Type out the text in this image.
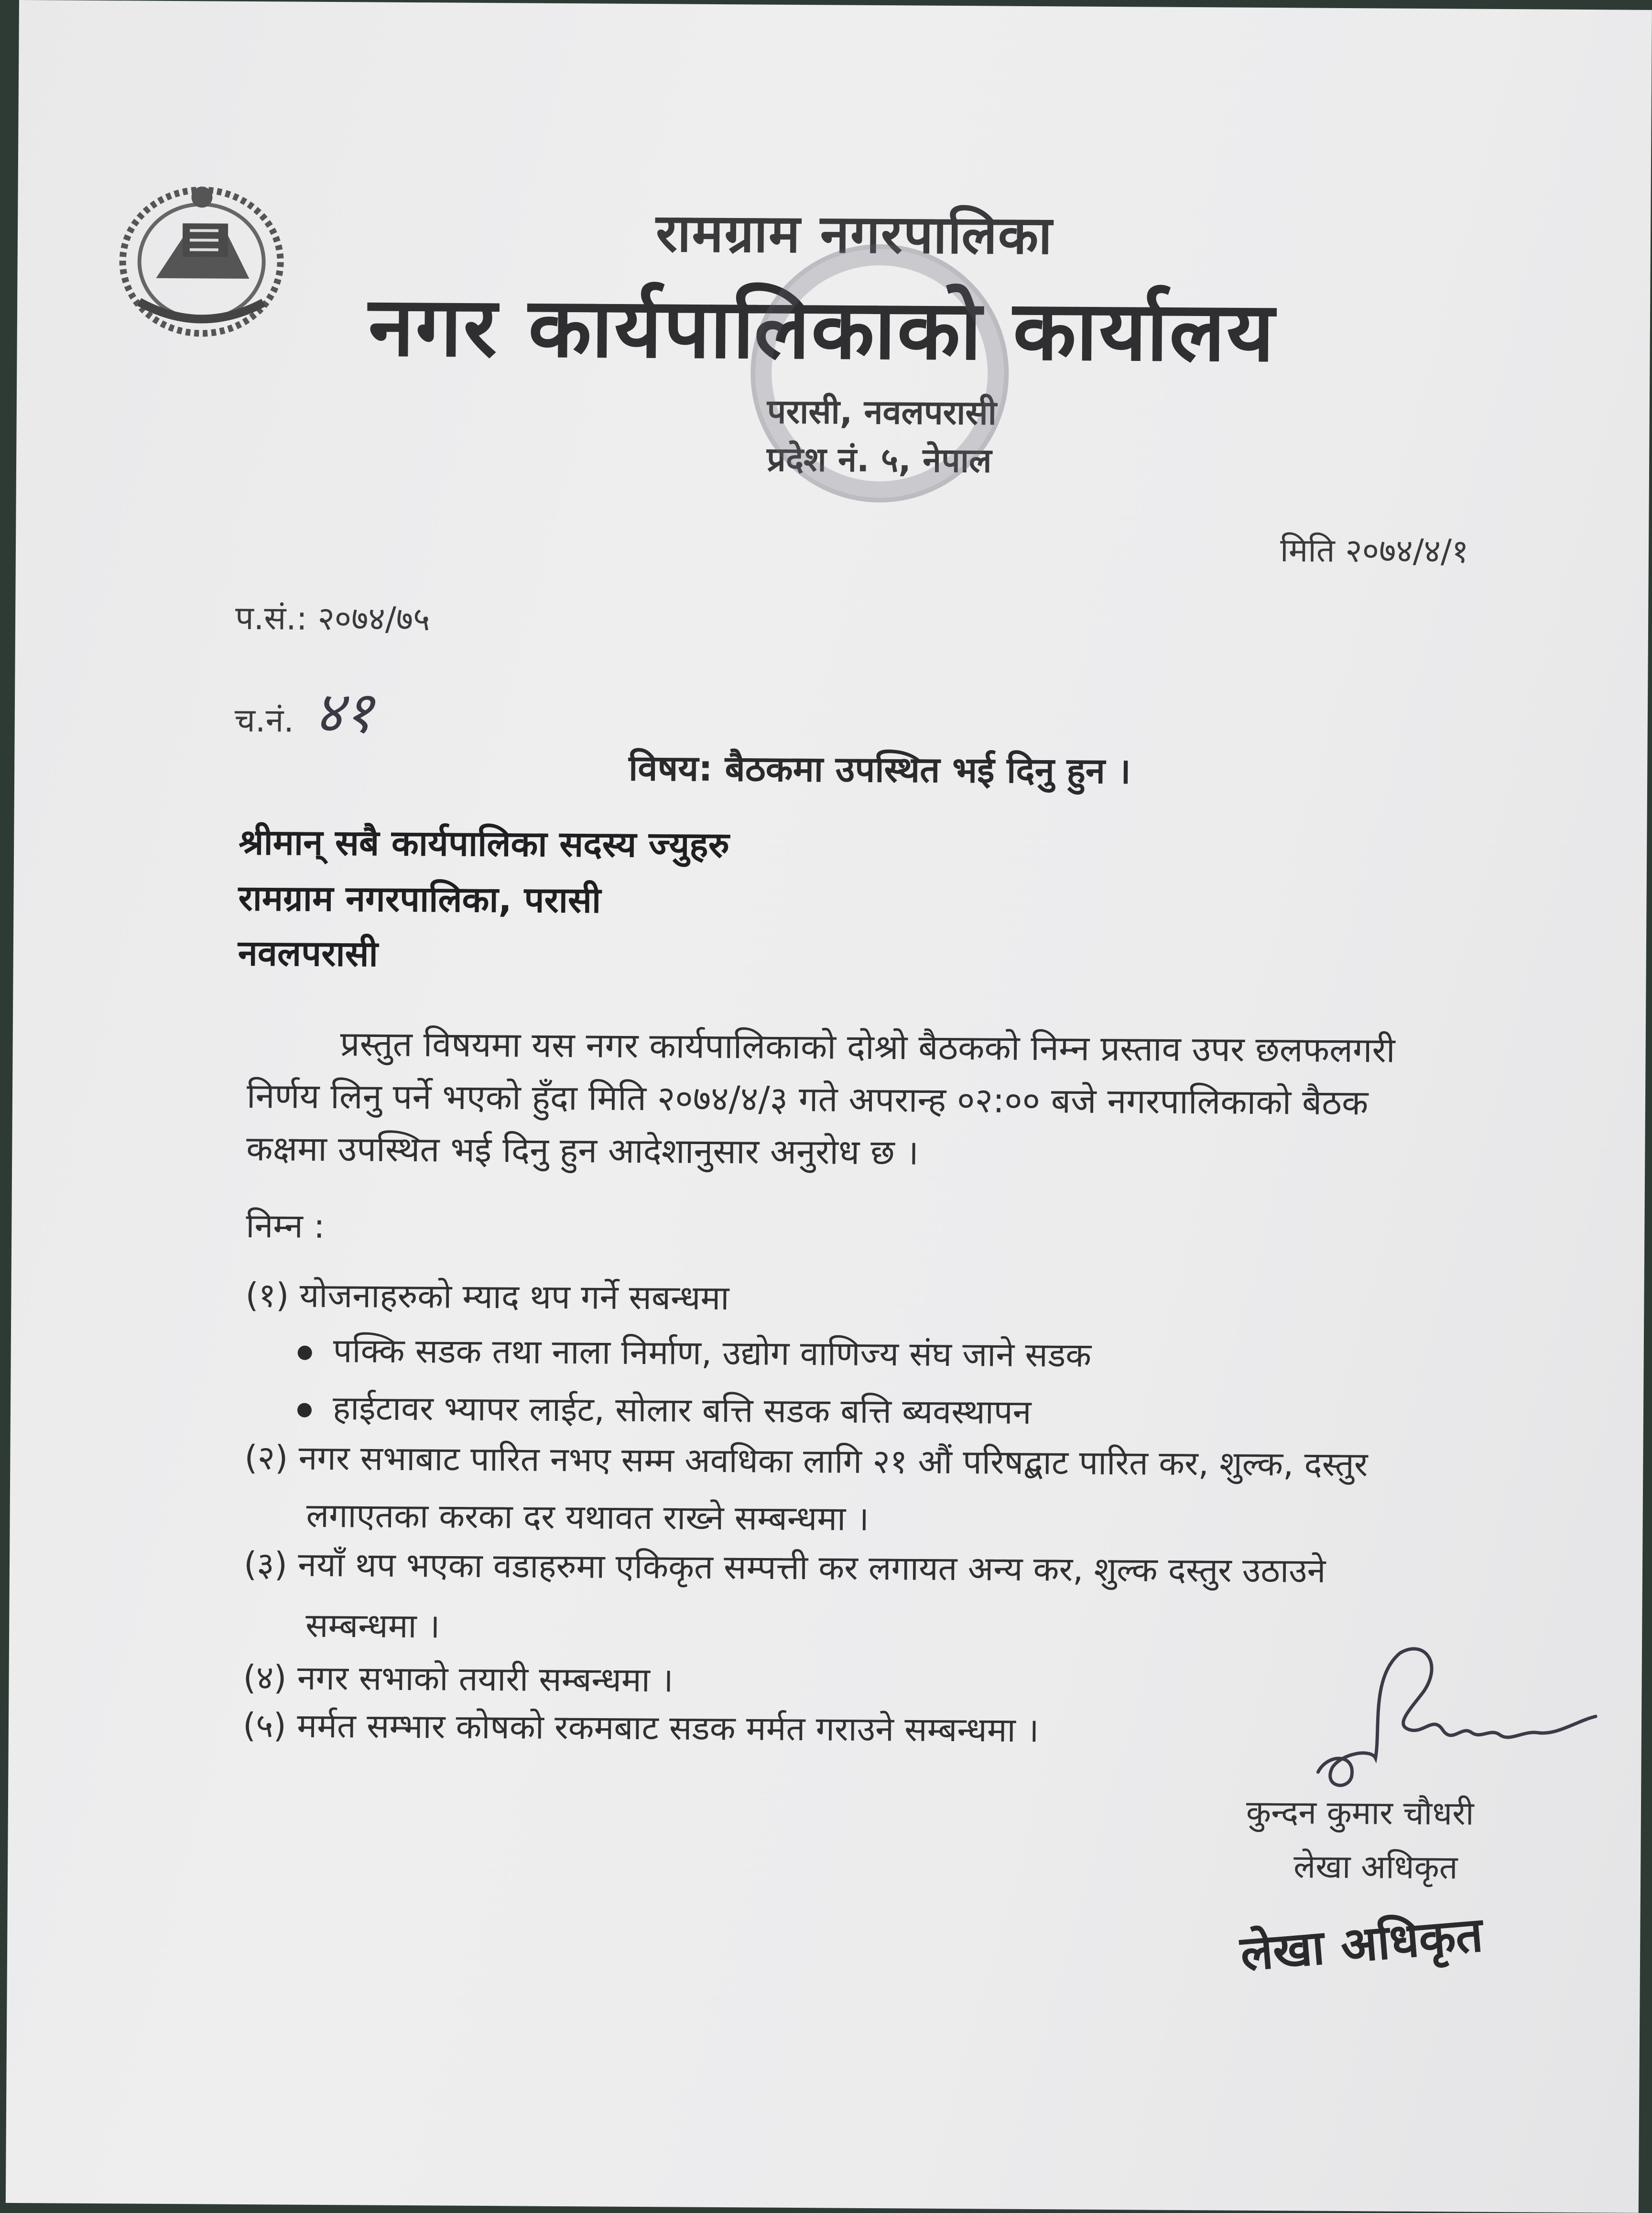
रामग्राम नगरपालिका
नगर कार्यपालिकाको कार्यालय
परासी, नवलपरासी
प्रदेश नं. ५, नेपाल
मिति २०७४/४/१
प.सं.: २०७४/७५
च.नं. ४१
विषय: बैठकमा उपस्थित भई दिनु हुन ।
श्रीमान् सबै कार्यपालिका सदस्य ज्युहरु
रामग्राम नगरपालिका, परासी
नवलपरासी
प्रस्तुत विषयमा यस नगर कार्यपालिकाको दोश्रो बैठकको निम्न प्रस्ताव उपर छलफलगरी
निर्णय लिनु पर्ने भएको हुँदा मिति २०७४/४/३ गते अपरान्ह ०२:०० बजे नगरपालिकाको बैठक
कक्षमा उपस्थित भई दिनु हुन आदेशानुसार अनुरोध छ ।
निम्न :
(१) योजनाहरुको म्याद थप गर्ने सबन्धमा
पक्कि सडक तथा नाला निर्माण, उद्योग वाणिज्य संघ जाने सडक
हाईटावर भ्यापर लाईट, सोलार बत्ति सडक बत्ति ब्यवस्थापन
(२) नगर सभाबाट पारित नभए सम्म अवधिका लागि २१ औं परिषद्बाट पारित कर, शुल्क, दस्तुर
लगाएतका करका दर यथावत राख्ने सम्बन्धमा ।
(३) नयाँ थप भएका वडाहरुमा एकिकृत सम्पत्ती कर लगायत अन्य कर, शुल्क दस्तुर उठाउने
सम्बन्धमा ।
(४) नगर सभाको तयारी सम्बन्धमा ।
(५) मर्मत सम्भार कोषको रकमबाट सडक मर्मत गराउने सम्बन्धमा ।
कुन्दन कुमार चौधरी
लेखा अधिकृत
लेखा अधिकृत
